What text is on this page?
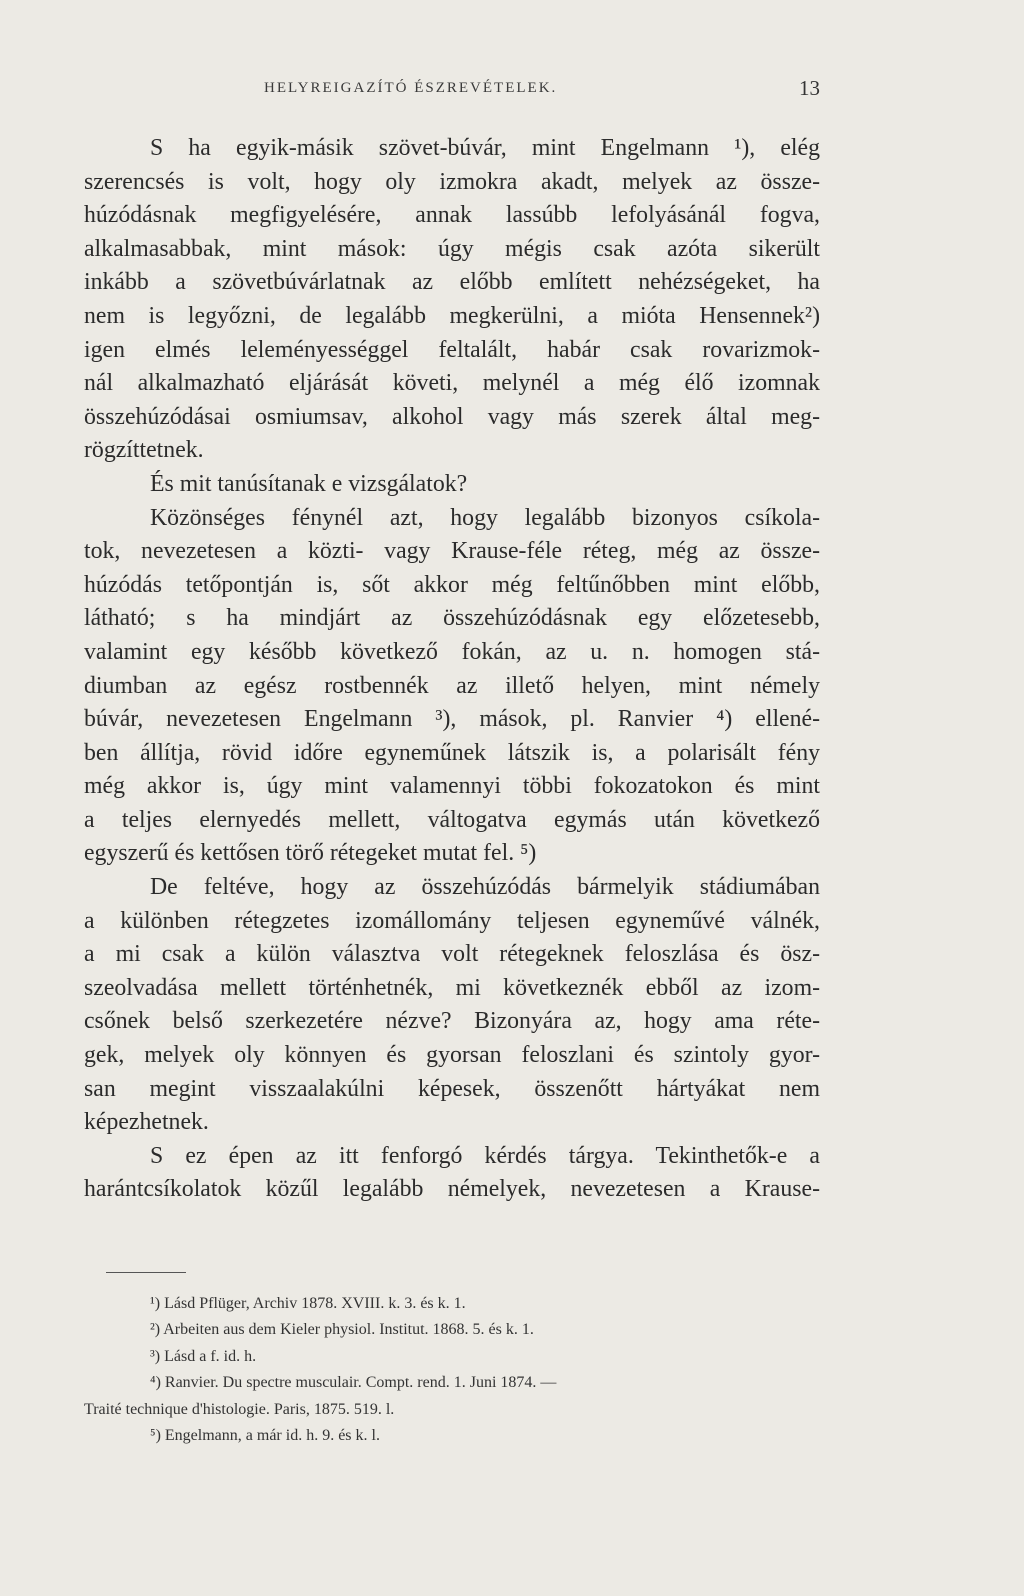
HELYREIGAZÍTÓ ÉSZREVÉTELEK.	13
S ha egyik-másik szövet-búvár, mint Engelmann ¹), elég
szerencsés is volt, hogy oly izmokra akadt, melyek az össze-
húzódásnak megfigyelésére, annak lassúbb lefolyásánál fogva,
alkalmasabbak, mint mások: úgy mégis csak azóta sikerült
inkább a szövetbúvárlatnak az előbb említett nehézségeket, ha
nem is legyőzni, de legalább megkerülni, a mióta Hensennek²)
igen elmés leleményességgel feltalált, habár csak rovarizmok-
nál alkalmazható eljárását követi, melynél a még élő izomnak
összehúzódásai osmiumsav, alkohol vagy más szerek által meg-
rögzíttetnek.
És mit tanúsítanak e vizsgálatok?
Közönséges fénynél azt, hogy legalább bizonyos csíkola-
tok, nevezetesen a közti- vagy Krause-féle réteg, még az össze-
húzódás tetőpontján is, sőt akkor még feltűnőbben mint előbb,
látható; s ha mindjárt az összehúzódásnak egy előzetesebb,
valamint egy később következő fokán, az u. n. homogen stá-
diumban az egész rostbennék az illető helyen, mint némely
búvár, nevezetesen Engelmann ³), mások, pl. Ranvier ⁴) ellené-
ben állítja, rövid időre egyneműnek látszik is, a polarisált fény
még akkor is, úgy mint valamennyi többi fokozatokon és mint
a teljes elernyedés mellett, váltogatva egymás után következő
egyszerű és kettősen törő rétegeket mutat fel. ⁵)
De feltéve, hogy az összehúzódás bármelyik stádiumában
a különben rétegzetes izomállomány teljesen egyneművé válnék,
a mi csak a külön választva volt rétegeknek feloszlása és ösz-
szeolvadása mellett történhetnék, mi következnék ebből az izom-
csőnek belső szerkezetére nézve? Bizonyára az, hogy ama réte-
gek, melyek oly könnyen és gyorsan feloszlani és szintoly gyor-
san megint visszaalakúlni képesek, összenőtt hártyákat nem
képezhetnek.
S ez épen az itt fenforgó kérdés tárgya. Tekinthetők-e a
harántcsíkolatok közűl legalább némelyek, nevezetesen a Krause-
¹) Lásd Pflüger, Archiv 1878. XVIII. k. 3. és k. 1.
²) Arbeiten aus dem Kieler physiol. Institut. 1868. 5. és k. 1.
³) Lásd a f. id. h.
⁴) Ranvier. Du spectre musculair. Compt. rend. 1. Juni 1874. —
Traité technique d'histologie. Paris, 1875. 519. l.
⁵) Engelmann, a már id. h. 9. és k. l.
